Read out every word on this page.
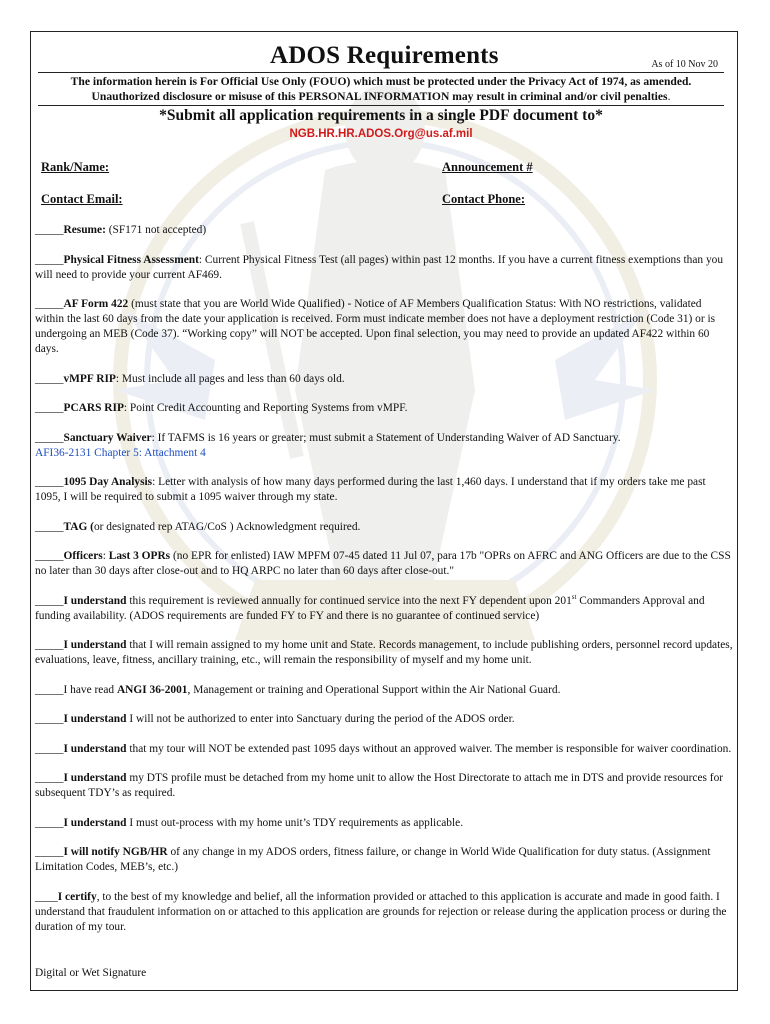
ADOS Requirements	As of 10 Nov 20
The information herein is For Official Use Only (FOUO) which must be protected under the Privacy Act of 1974, as amended.
Unauthorized disclosure or misuse of this PERSONAL INFORMATION may result in criminal and/or civil penalties.
*Submit all application requirements in a single PDF document to*
NGB.HR.HR.ADOS.Org@us.af.mil
Rank/Name:	Announcement #
Contact Email:	Contact Phone:
_____Resume: (SF171 not accepted)
_____Physical Fitness Assessment: Current Physical Fitness Test (all pages) within past 12 months. If you have a current fitness exemptions than you will need to provide your current AF469.
_____AF Form 422 (must state that you are World Wide Qualified) - Notice of AF Members Qualification Status: With NO restrictions, validated within the last 60 days from the date your application is received. Form must indicate member does not have a deployment restriction (Code 31) or is undergoing an MEB (Code 37). “Working copy” will NOT be accepted. Upon final selection, you may need to provide an updated AF422 within 60 days.
_____vMPF RIP: Must include all pages and less than 60 days old.
_____PCARS RIP: Point Credit Accounting and Reporting Systems from vMPF.
_____Sanctuary Waiver: If TAFMS is 16 years or greater; must submit a Statement of Understanding Waiver of AD Sanctuary.
AFI36-2131 Chapter 5: Attachment 4
_____1095 Day Analysis: Letter with analysis of how many days performed during the last 1,460 days. I understand that if my orders take me past 1095, I will be required to submit a 1095 waiver through my state.
_____TAG (or designated rep ATAG/CoS ) Acknowledgment required.
_____Officers: Last 3 OPRs (no EPR for enlisted) IAW MPFM 07-45 dated 11 Jul 07, para 17b "OPRs on AFRC and ANG Officers are due to the CSS no later than 30 days after close-out and to HQ ARPC no later than 60 days after close-out."
_____I understand this requirement is reviewed annually for continued service into the next FY dependent upon 201st Commanders Approval and funding availability. (ADOS requirements are funded FY to FY and there is no guarantee of continued service)
_____I understand that I will remain assigned to my home unit and State. Records management, to include publishing orders, personnel record updates, evaluations, leave, fitness, ancillary training, etc., will remain the responsibility of myself and my home unit.
_____I have read ANGI 36-2001, Management or training and Operational Support within the Air National Guard.
_____I understand I will not be authorized to enter into Sanctuary during the period of the ADOS order.
_____I understand that my tour will NOT be extended past 1095 days without an approved waiver. The member is responsible for waiver coordination.
_____I understand my DTS profile must be detached from my home unit to allow the Host Directorate to attach me in DTS and provide resources for subsequent TDY’s as required.
_____I understand I must out-process with my home unit’s TDY requirements as applicable.
_____I will notify NGB/HR of any change in my ADOS orders, fitness failure, or change in World Wide Qualification for duty status. (Assignment Limitation Codes, MEB’s, etc.)
____I certify, to the best of my knowledge and belief, all the information provided or attached to this application is accurate and made in good faith. I understand that fraudulent information on or attached to this application are grounds for rejection or release during the application process or during the duration of my tour.
Digital or Wet Signature
